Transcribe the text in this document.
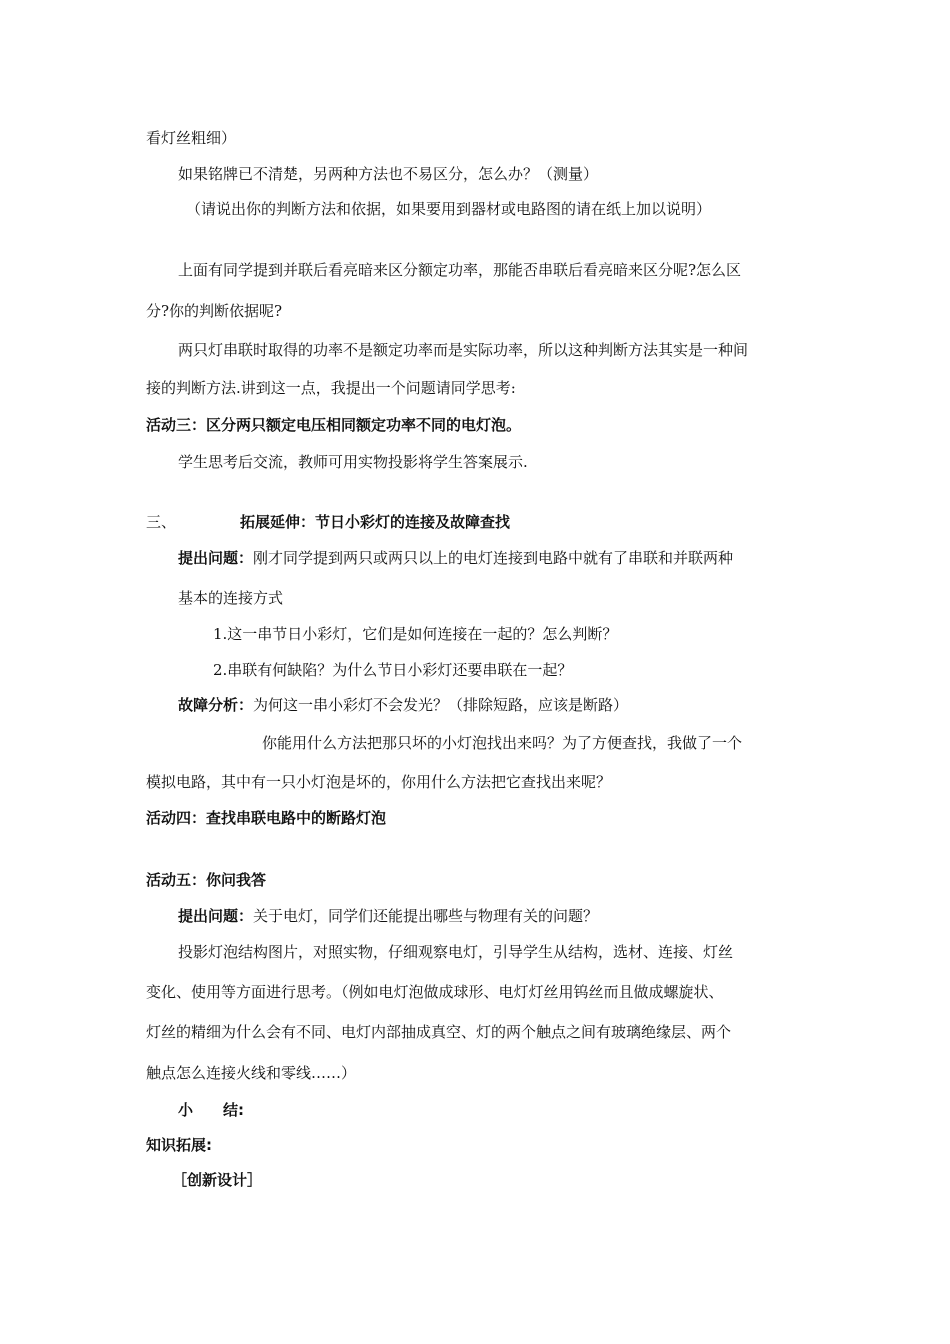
看灯丝粗细）
如果铭牌已不清楚，另两种方法也不易区分，怎么办？（测量）
（请说出你的判断方法和依据，如果要用到器材或电路图的请在纸上加以说明）
上面有同学提到并联后看亮暗来区分额定功率，那能否串联后看亮暗来区分呢?怎么区
分?你的判断依据呢?
两只灯串联时取得的功率不是额定功率而是实际功率，所以这种判断方法其实是一种间
接的判断方法.讲到这一点，我提出一个问题请同学思考:
活动三：区分两只额定电压相同额定功率不同的电灯泡。
学生思考后交流，教师可用实物投影将学生答案展示.
三、	拓展延伸：节日小彩灯的连接及故障查找
提出问题：刚才同学提到两只或两只以上的电灯连接到电路中就有了串联和并联两种
基本的连接方式
1.这一串节日小彩灯，它们是如何连接在一起的？怎么判断？
2.串联有何缺陷？为什么节日小彩灯还要串联在一起？
故障分析：为何这一串小彩灯不会发光？（排除短路，应该是断路）
你能用什么方法把那只坏的小灯泡找出来吗？为了方便查找，我做了一个
模拟电路，其中有一只小灯泡是坏的，你用什么方法把它查找出来呢？
活动四：查找串联电路中的断路灯泡
活动五：你问我答
提出问题：关于电灯，同学们还能提出哪些与物理有关的问题？
投影灯泡结构图片，对照实物，仔细观察电灯，引导学生从结构，选材、连接、灯丝
变化、使用等方面进行思考。（例如电灯泡做成球形、电灯灯丝用钨丝而且做成螺旋状、
灯丝的精细为什么会有不同、电灯内部抽成真空、灯的两个触点之间有玻璃绝缘层、两个
触点怎么连接火线和零线……）
小　　结:
知识拓展:
［创新设计］
